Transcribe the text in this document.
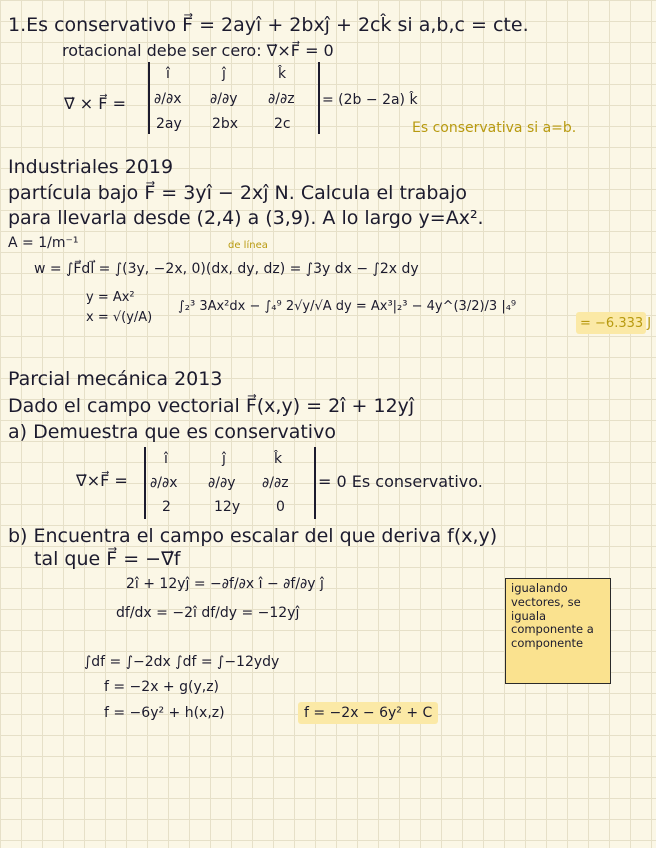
1.Es conservativo F⃗ = 2ayî + 2bxĵ + 2ck̂ si a,b,c = cte.
rotacional debe ser cero: ∇⃗×F⃗ = 0
∇⃗ × F⃗ =
î	ĵ	k̂
∂/∂x ∂/∂y ∂/∂z
2ay 2bx	2c
= (2b − 2a) k̂
Es conservativa si a=b.
Industriales 2019
partícula bajo F⃗ = 3yî − 2xĵ N. Calcula el trabajo
para llevarla desde (2,4) a (3,9). A lo largo y=Ax².
A = 1/m⁻¹	de línea
w = ∫F⃗dl⃗ = ∫(3y, −2x, 0)(dx, dy, dz) = ∫3y dx − ∫2x dy
y = Ax²
x = √(y/A)
∫₂³ 3Ax²dx − ∫₄⁹ 2√y/√A dy = Ax³|₂³ − 4y^(3/2)/3 |₄⁹
= −6.333 J
Parcial mecánica 2013
Dado el campo vectorial F⃗(x,y) = 2î + 12yĵ
a) Demuestra que es conservativo
∇⃗×F⃗ =
î	ĵ	k̂
∂/∂x ∂/∂y ∂/∂z
2	12y	0
= 0 Es conservativo.
b) Encuentra el campo escalar del que deriva f(x,y)
tal que F⃗ = −∇⃗f
2î + 12yĵ = −∂f/∂x î − ∂f/∂y ĵ
df/dx = −2î df/dy = −12yĵ
∫df = ∫−2dx ∫df = ∫−12ydy
f = −2x + g(y,z)
f = −6y² + h(x,z)	f = −2x − 6y² + C
igualando vectores, se iguala componente a componente
